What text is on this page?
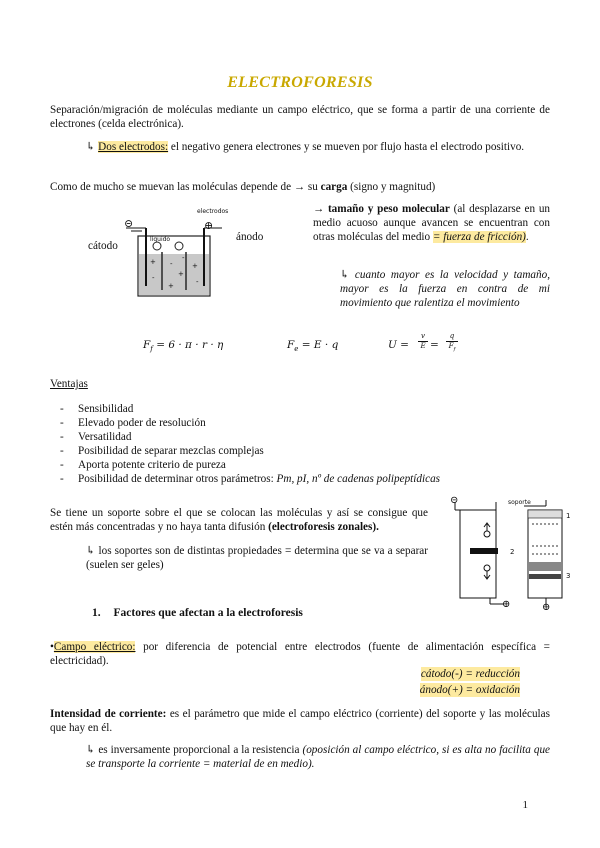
ELECTROFORESIS
Separación/migración de moléculas mediante un campo eléctrico, que se forma a partir de una corriente de electrones (celda electrónica).
↳ Dos electrodos: el negativo genera electrones y se mueven por flujo hasta el electrodo positivo.
Como de mucho se muevan las moléculas depende de → su carga (signo y magnitud)
+ -
+
-
+
-
+
-
electrodos
⊝	⊕
cátodo
ánodo
líquido
→ tamaño y peso molecular (al desplazarse en un medio acuoso aunque avancen se encuentran con otras moléculas del medio = fuerza de fricción).
↳ cuanto mayor es la velocidad y tamaño, mayor es la fuerza en contra de mi movimiento que ralentiza el movimiento
$F_f = 6 \cdot \pi \cdot r \cdot \eta$	$F_e = E \cdot q$	U =
v
E =
q
$F_f$
Ventajas
- Sensibilidad
- Elevado poder de resolución
- Versatilidad
- Posibilidad de separar mezclas complejas
- Aporta potente criterio de pureza
- Posibilidad de determinar otros parámetros: Pm, pI, nº de cadenas polipeptídicas
Se tiene un soporte sobre el que se colocan las moléculas y así se consigue que estén más concentradas y no haya tanta difusión (electroforesis zonales).
↳ los soportes son de distintas propiedades = determina que se va a separar (suelen ser geles)
⊝	soporte
1
2
3
⊕	⊕
1. Factores que afectan a la electroforesis
•Campo eléctrico: por diferencia de potencial entre electrodos (fuente de alimentación específica = electricidad).
cátodo(-) = reducción
ánodo(+) = oxidación
Intensidad de corriente: es el parámetro que mide el campo eléctrico (corriente) del soporte y las moléculas que hay en él.
↳ es inversamente proporcional a la resistencia (oposición al campo eléctrico, si es alta no facilita que se transporte la corriente = material de en medio).
1
